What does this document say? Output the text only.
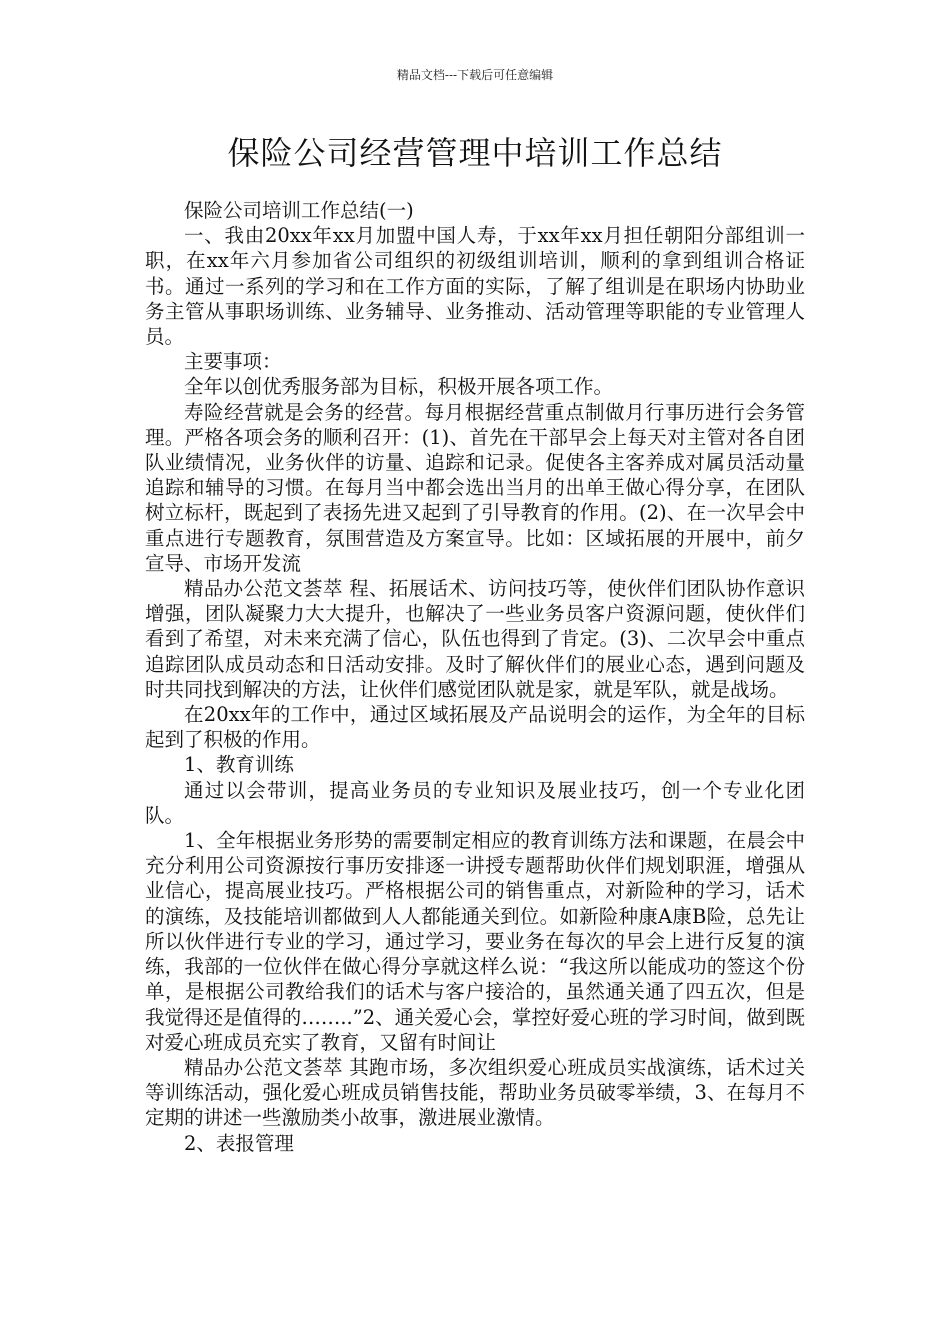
精品文档---下载后可任意编辑
保险公司经营管理中培训工作总结

保险公司培训工作总结(一)

一、我由20xx年xx月加盟中国人寿，于xx年xx月担任朝阳分部组训一职，在xx年六月参加省公司组织的初级组训培训，顺利的拿到组训合格证书。通过一系列的学习和在工作方面的实际，了解了组训是在职场内协助业务主管从事职场训练、业务辅导、业务推动、活动管理等职能的专业管理人员。

主要事项：

全年以创优秀服务部为目标，积极开展各项工作。

寿险经营就是会务的经营。每月根据经营重点制做月行事历进行会务管理。严格各项会务的顺利召开：(1)、首先在干部早会上每天对主管对各自团队业绩情况，业务伙伴的访量、追踪和记录。促使各主客养成对属员活动量追踪和辅导的习惯。在每月当中都会选出当月的出单王做心得分享，在团队树立标杆，既起到了表扬先进又起到了引导教育的作用。(2)、在一次早会中重点进行专题教育，氛围营造及方案宣导。比如：区域拓展的开展中，前夕宣导、市场开发流

精品办公范文荟萃 程、拓展话术、访问技巧等，使伙伴们团队协作意识增强，团队凝聚力大大提升，也解决了一些业务员客户资源问题，使伙伴们看到了希望，对未来充满了信心，队伍也得到了肯定。(3)、二次早会中重点追踪团队成员动态和日活动安排。及时了解伙伴们的展业心态，遇到问题及时共同找到解决的方法，让伙伴们感觉团队就是家，就是军队，就是战场。

在20xx年的工作中，通过区域拓展及产品说明会的运作，为全年的目标起到了积极的作用。

1、教育训练

通过以会带训，提高业务员的专业知识及展业技巧，创一个专业化团队。

1、全年根据业务形势的需要制定相应的教育训练方法和课题，在晨会中充分利用公司资源按行事历安排逐一讲授专题帮助伙伴们规划职涯，增强从业信心，提高展业技巧。严格根据公司的销售重点，对新险种的学习，话术的演练，及技能培训都做到人人都能通关到位。如新险种康A康B险，总先让所以伙伴进行专业的学习，通过学习，要业务在每次的早会上进行反复的演练，我部的一位伙伴在做心得分享就这样么说：“我这所以能成功的签这个份单，是根据公司教给我们的话术与客户接洽的，虽然通关通了四五次，但是我觉得还是值得的……..”2、通关爱心会，掌控好爱心班的学习时间，做到既对爱心班成员充实了教育，又留有时间让

精品办公范文荟萃 其跑市场，多次组织爱心班成员实战演练，话术过关等训练活动，强化爱心班成员销售技能，帮助业务员破零举绩，3、在每月不定期的讲述一些激励类小故事，激进展业激情。

2、表报管理
